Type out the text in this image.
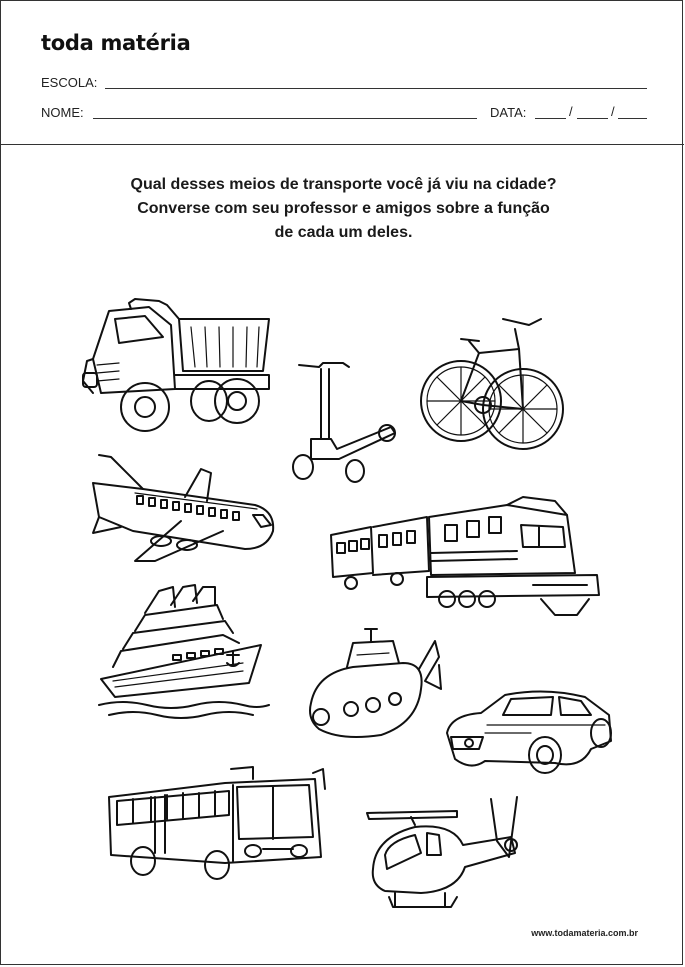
toda matéria
ESCOLA:
NOME:	DATA:	/	/
Qual desses meios de transporte você já viu na cidade?
Converse com seu professor e amigos sobre a função
de cada um deles.
www.todamateria.com.br
